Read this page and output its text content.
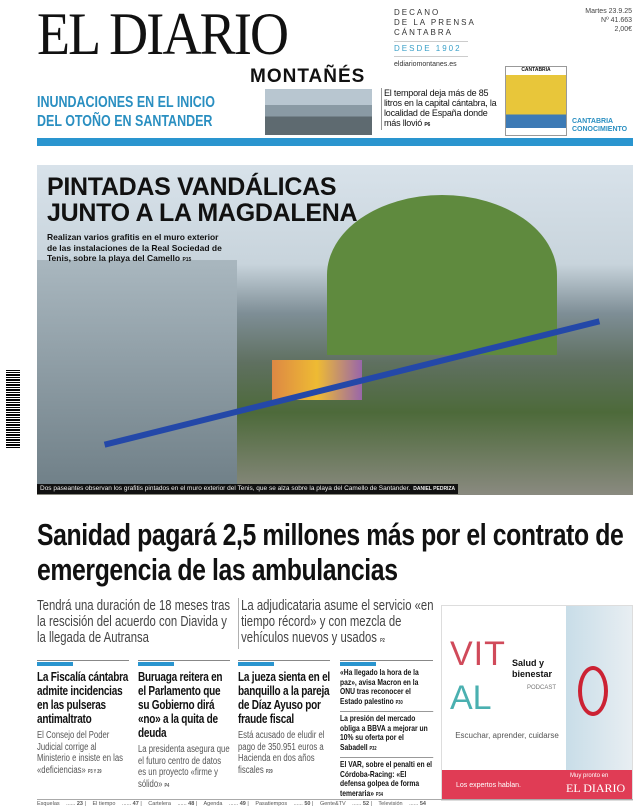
EL DIARIO
MONTAÑÉS
DECANO
DE LA PRENSA
CÁNTABRA
DESDE 1902
eldiariomontanes.es
Martes 23.9.25
Nº 41.663
2,00€
INUNDACIONES EN EL INICIO
DEL OTOÑO EN SANTANDER
CANTABRIA
El temporal deja más de 85 litros en la capital cántabra, la localidad de España donde más llovió P6	CANTABRIA
CONOCIMIENTO
PINTADAS VANDÁLICAS
JUNTO A LA MAGDALENA
Realizan varios grafitis en el muro exterior de las instalaciones de la Real Sociedad de Tenis, sobre la playa del Camello P15
Dos paseantes observan los grafitis pintados en el muro exterior del Tenis, que se alza sobre la playa del Camello de Santander. DANIEL PEDRIZA
Sanidad pagará 2,5 millones más por el contrato de emergencia de las ambulancias
Tendrá una duración de 18 meses tras la rescisión del acuerdo con Diavida y la llegada de Autransa
La adjudicataria asume el servicio «en tiempo récord» y con mezcla de vehículos nuevos y usados P2
La Fiscalía cántabra admite incidencias en las pulseras antimaltrato

El Consejo del Poder Judicial corrige al Ministerio e insiste en las «deficiencias» P3 Y 29

Buruaga reitera en el Parlamento que su Gobierno dirá «no» a la quita de deuda

La presidenta asegura que el futuro centro de datos es un proyecto «firme y sólido» P4

La jueza sienta en el banquillo a la pareja de Díaz Ayuso por fraude fiscal

Está acusado de eludir el pago de 350.951 euros a Hacienda en dos años fiscales P29

«Ha llegado la hora de la paz», avisa Macron en la ONU tras reconocer el Estado palestino P30
La presión del mercado obliga a BBVA a mejorar un 10% su oferta por el Sabadell P32
El VAR, sobre el penalti en el Córdoba-Racing: «El defensa golpea de forma temeraria» P34
VIT
AL
Salud y bienestar
PODCAST
Escuchar, aprender, cuidarse
Los expertos hablan.
Muy pronto en
EL DIARIO
Esquelas ...... 23 | El tiempo ...... 47 | Cartelera ...... 48 | Agenda ...... 49 | Pasatiempos ...... 50 | Gente&TV ...... 52 | Televisión ...... 54
